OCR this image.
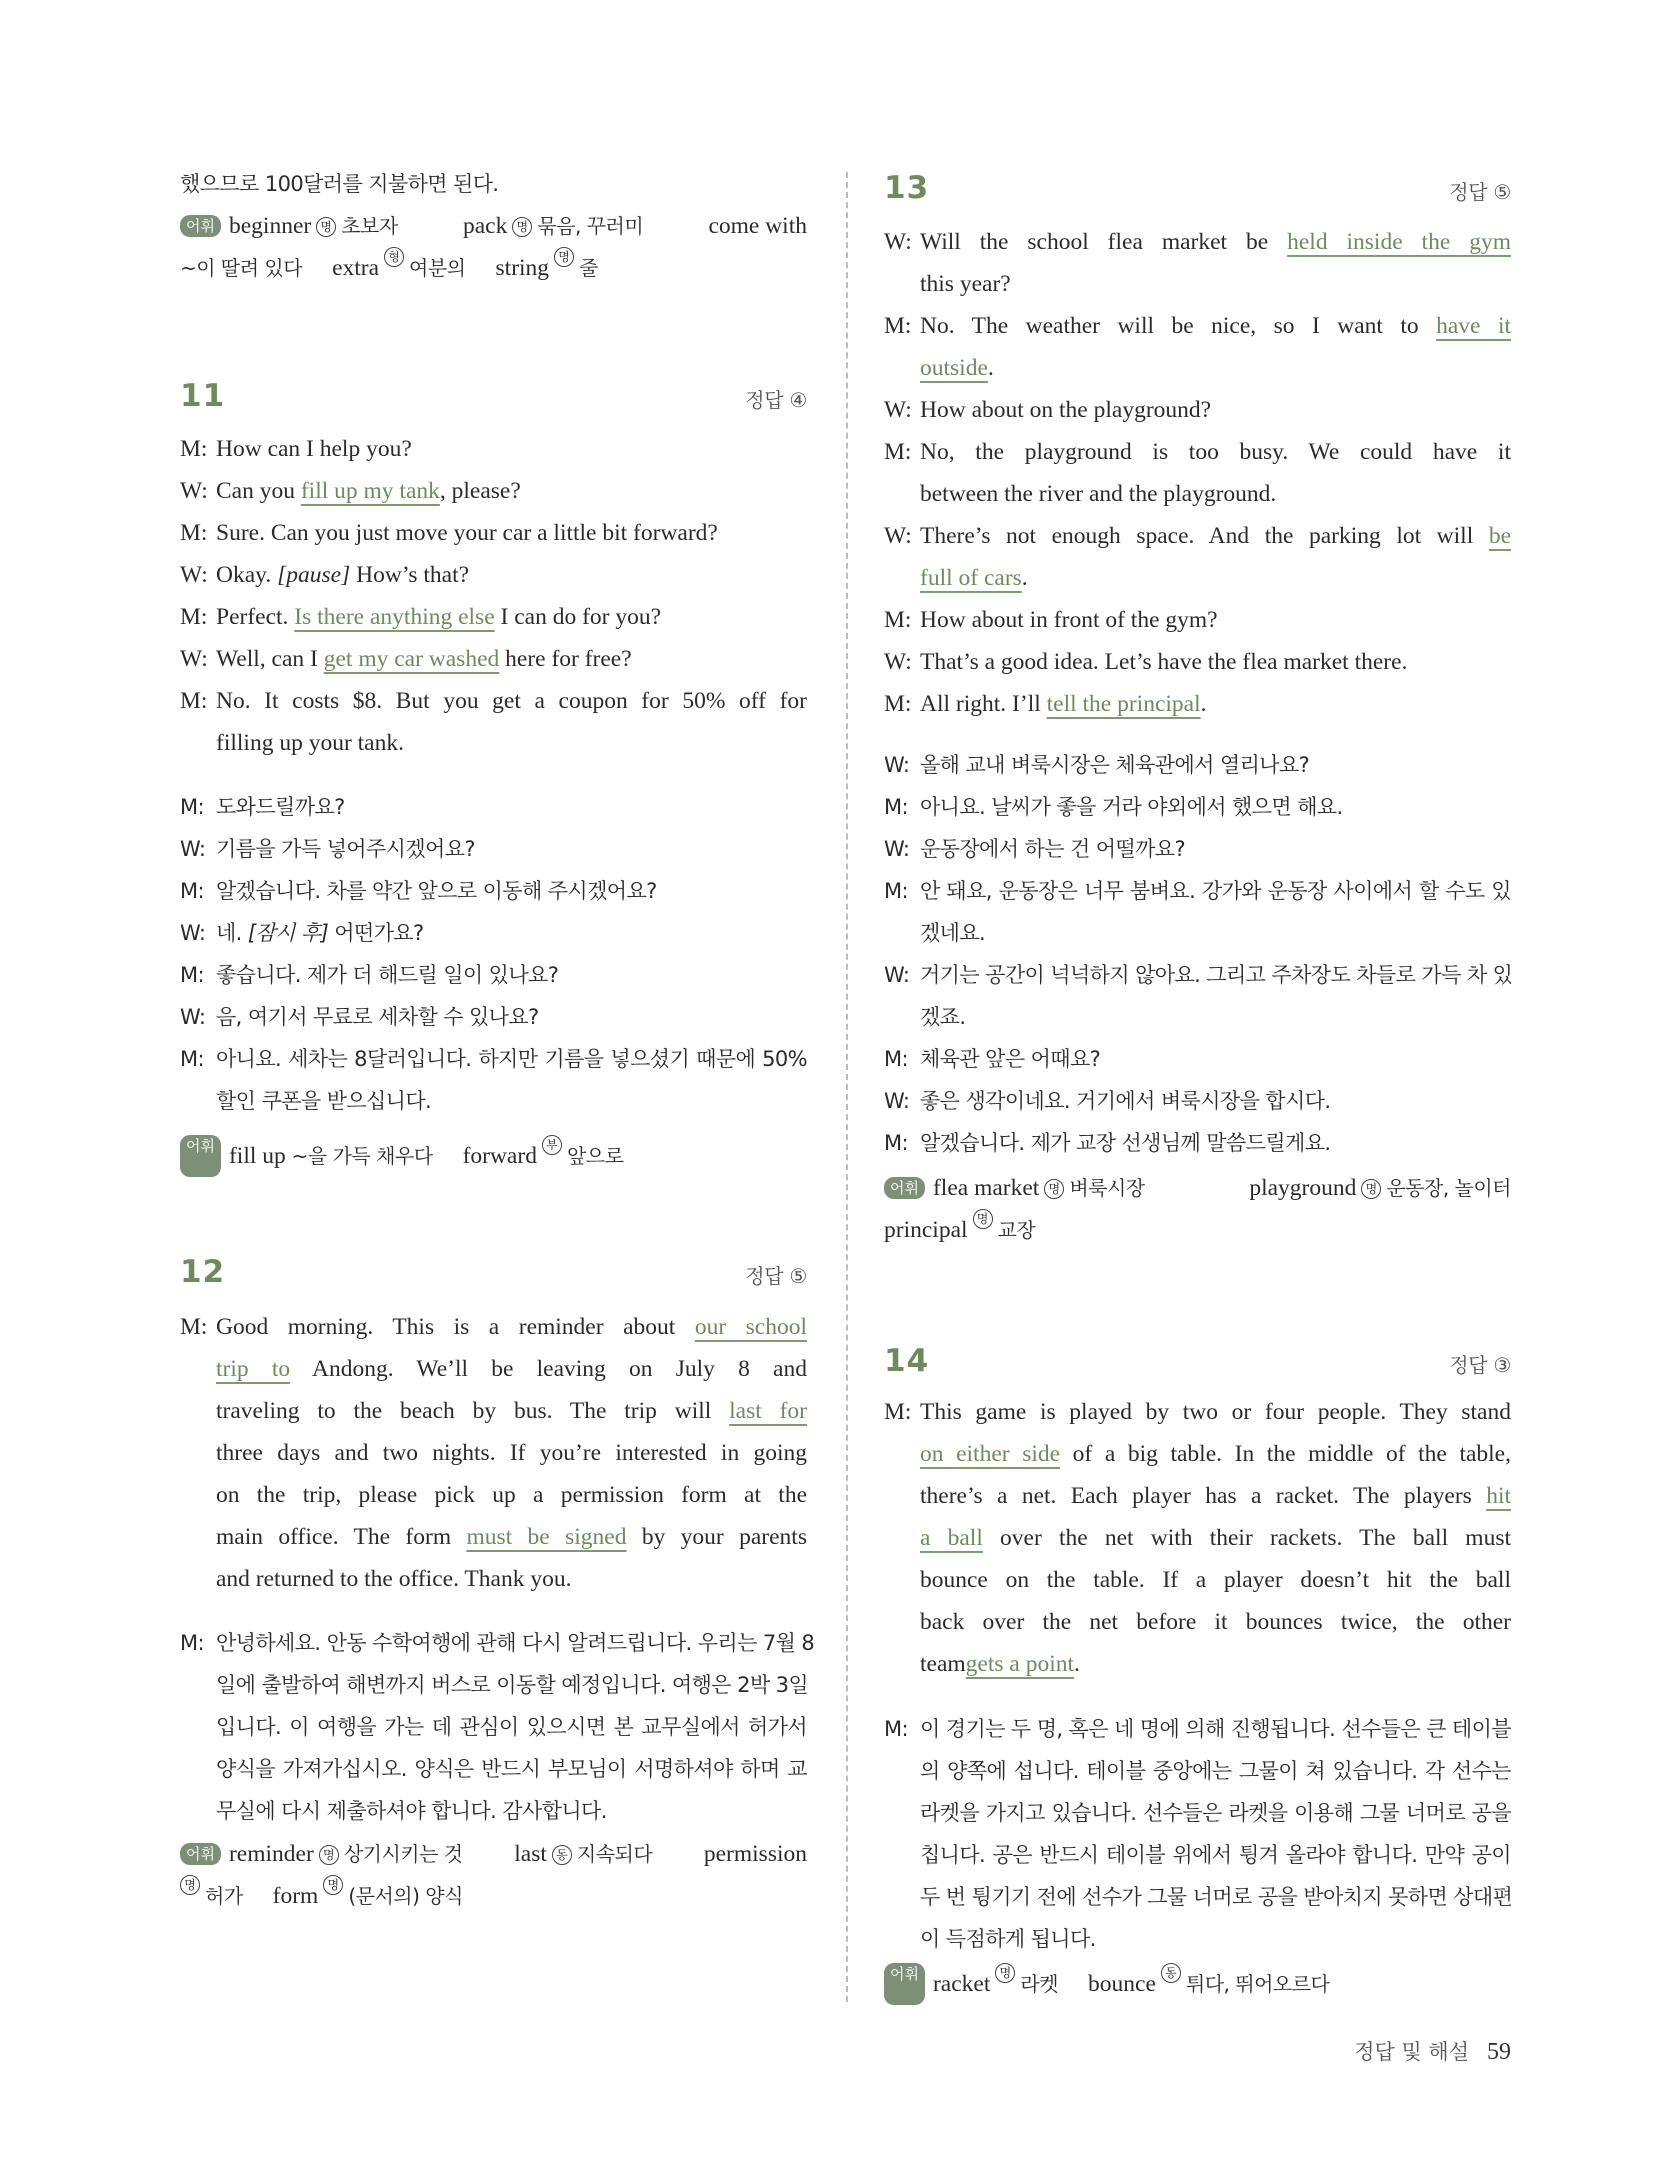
했으므로 100달러를 지불하면 된다.
어휘 beginner 명 초보자	pack 명 묶음, 꾸러미	come with
~이 딸려 있다 extra 형 여분의 string 명 줄
11	정답 ④
M: How can I help you?
W: Can you fill up my tank, please?
M: Sure. Can you just move your car a little bit forward?
W: Okay. [pause] How’s that?
M: Perfect. Is there anything else I can do for you?
W: Well, can I get my car washed here for free?
M: No. It costs $8. But you get a coupon for 50% off for
filling up your tank.
M: 도와드릴까요?
W: 기름을 가득 넣어주시겠어요?
M: 알겠습니다. 차를 약간 앞으로 이동해 주시겠어요?
W: 네. [잠시 후] 어떤가요?
M: 좋습니다. 제가 더 해드릴 일이 있나요?
W: 음, 여기서 무료로 세차할 수 있나요?
M: 아니요. 세차는 8달러입니다. 하지만 기름을 넣으셨기 때문에 50%
할인 쿠폰을 받으십니다.
어휘 fill up
~을 가득 채우다 forward 부 앞으로
12	정답 ⑤
M: Good morning. This is a reminder about our school
trip to Andong. We’ll be leaving on July 8 and
traveling to the beach by bus. The trip will last for
three days and two nights. If you’re interested in going
on the trip, please pick up a permission form at the
main office. The form must be signed by your parents
and returned to the office. Thank you.
M: 안녕하세요. 안동 수학여행에 관해 다시 알려드립니다. 우리는 7월 8
일에 출발하여 해변까지 버스로 이동할 예정입니다. 여행은 2박 3일
입니다. 이 여행을 가는 데 관심이 있으시면 본 교무실에서 허가서
양식을 가져가십시오. 양식은 반드시 부모님이 서명하셔야 하며 교
무실에 다시 제출하셔야 합니다. 감사합니다.
어휘 reminder 명 상기시키는 것 last 동 지속되다 permission
명 허가 form 명 (문서의) 양식
13	정답 ⑤
W: Will the school flea market be held inside the gym
this year?
M: No. The weather will be nice, so I want to have it
outside .
W: How about on the playground?
M: No, the playground is too busy. We could have it
between the river and the playground.
W: There’s not enough space. And the parking lot will be
full of cars .
M: How about in front of the gym?
W: That’s a good idea. Let’s have the flea market there.
M: All right. I’ll tell the principal.
W: 올해 교내 벼룩시장은 체육관에서 열리나요?
M: 아니요. 날씨가 좋을 거라 야외에서 했으면 해요.
W: 운동장에서 하는 건 어떨까요?
M: 안 돼요, 운동장은 너무 붐벼요. 강가와 운동장 사이에서 할 수도 있
겠네요.
W: 거기는 공간이 넉넉하지 않아요. 그리고 주차장도 차들로 가득 차 있
겠죠.
M: 체육관 앞은 어때요?
W: 좋은 생각이네요. 거기에서 벼룩시장을 합시다.
M: 알겠습니다. 제가 교장 선생님께 말씀드릴게요.
어휘 flea market 명 벼룩시장	playground 명 운동장, 놀이터
principal 명 교장
14	정답 ③
M: This game is played by two or four people. They stand
on either side of a big table. In the middle of the table,
there’s a net. Each player has a racket. The players hit
a ball over the net with their rackets. The ball must
bounce on the table. If a player doesn’t hit the ball
back over the net before it bounces twice, the other
team gets a point .
M: 이 경기는 두 명, 혹은 네 명에 의해 진행됩니다. 선수들은 큰 테이블
의 양쪽에 섭니다. 테이블 중앙에는 그물이 쳐 있습니다. 각 선수는
라켓을 가지고 있습니다. 선수들은 라켓을 이용해 그물 너머로 공을
칩니다. 공은 반드시 테이블 위에서 튕겨 올라야 합니다. 만약 공이
두 번 튕기기 전에 선수가 그물 너머로 공을 받아치지 못하면 상대편
이 득점하게 됩니다.
어휘 racket 명 라켓 bounce 동 튀다, 뛰어오르다
정답 및 해설 59
